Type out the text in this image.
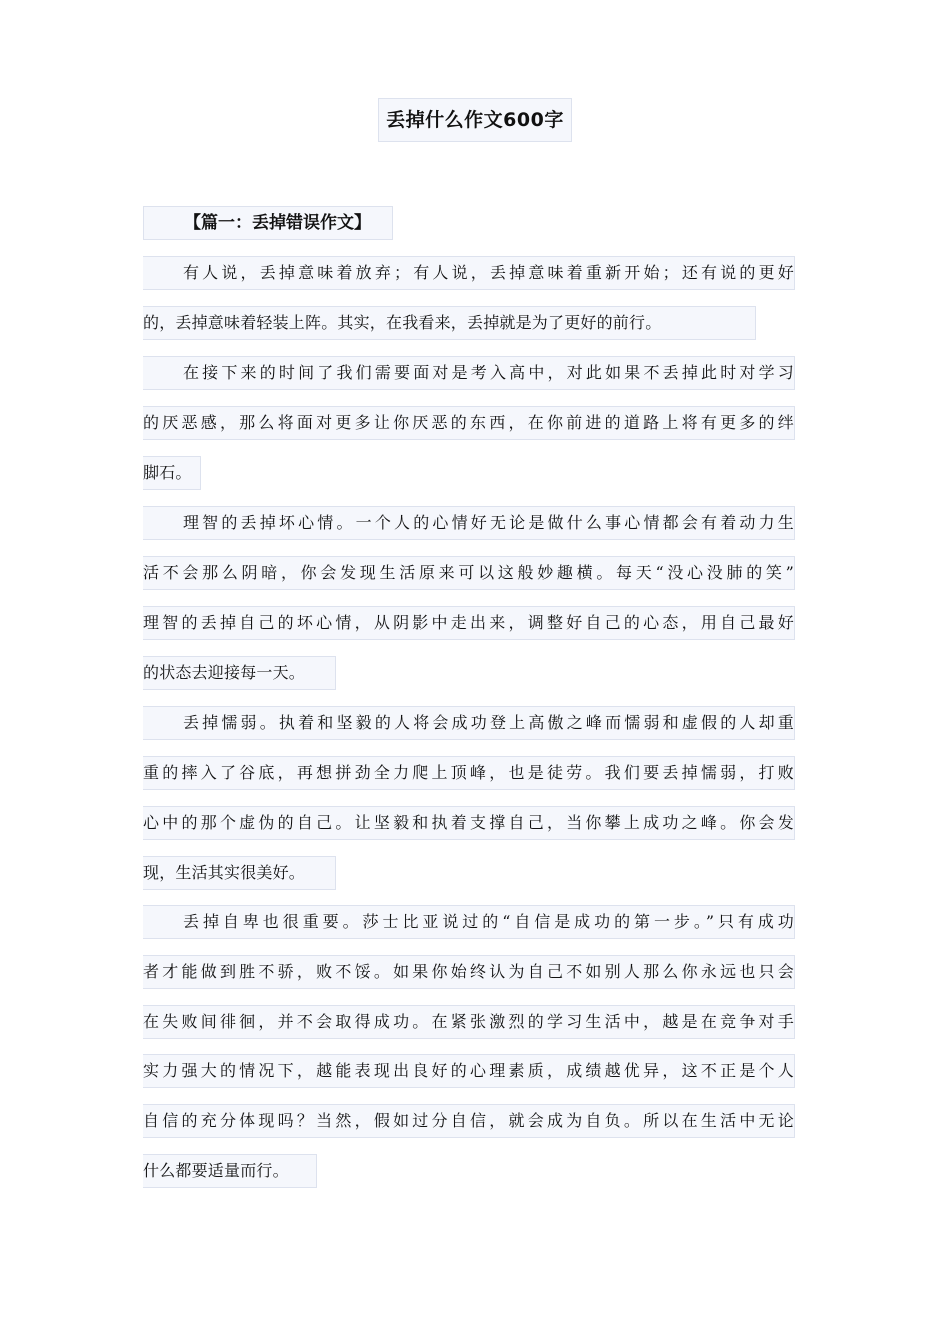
丢掉什么作文600字
【篇一：丢掉错误作文】
有人说，丢掉意味着放弃；有人说，丢掉意味着重新开始；还有说的更好
的，丢掉意味着轻装上阵。其实，在我看来，丢掉就是为了更好的前行。
在接下来的时间了我们需要面对是考入高中，对此如果不丢掉此时对学习
的厌恶感，那么将面对更多让你厌恶的东西，在你前进的道路上将有更多的绊
脚石。
理智的丢掉坏心情。一个人的心情好无论是做什么事心情都会有着动力生
活不会那么阴暗，你会发现生活原来可以这般妙趣横。每天“没心没肺的笑”
理智的丢掉自己的坏心情，从阴影中走出来，调整好自己的心态，用自己最好
的状态去迎接每一天。
丢掉懦弱。执着和坚毅的人将会成功登上高傲之峰而懦弱和虚假的人却重
重的摔入了谷底，再想拼劲全力爬上顶峰，也是徒劳。我们要丢掉懦弱，打败
心中的那个虚伪的自己。让坚毅和执着支撑自己，当你攀上成功之峰。你会发
现，生活其实很美好。
丢掉自卑也很重要。莎士比亚说过的“自信是成功的第一步。”只有成功
者才能做到胜不骄，败不馁。如果你始终认为自己不如别人那么你永远也只会
在失败间徘徊，并不会取得成功。在紧张激烈的学习生活中，越是在竞争对手
实力强大的情况下，越能表现出良好的心理素质，成绩越优异，这不正是个人
自信的充分体现吗？当然，假如过分自信，就会成为自负。所以在生活中无论
什么都要适量而行。
